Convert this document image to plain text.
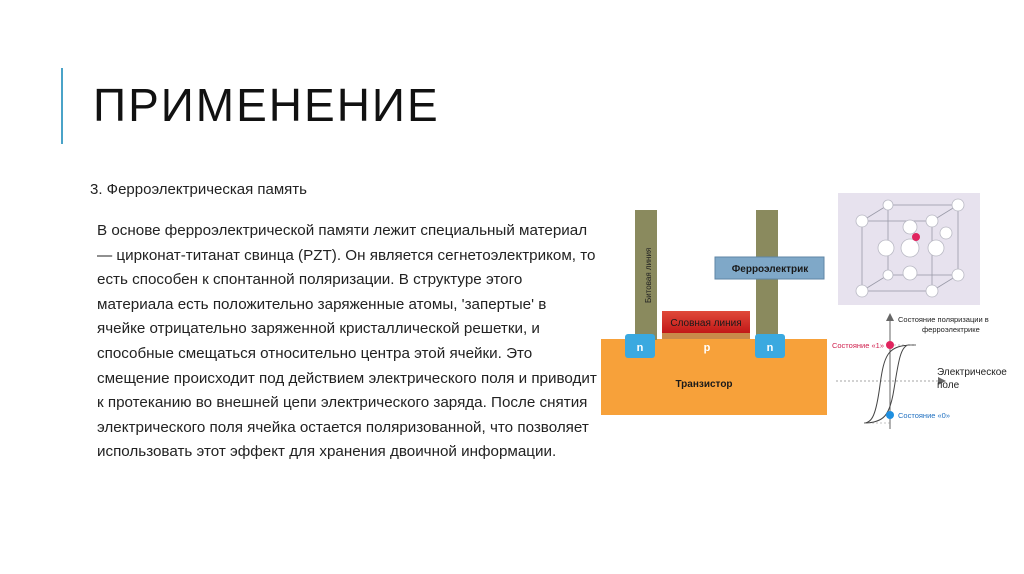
ПРИМЕНЕНИЕ
3. Ферроэлектрическая память
В основе ферроэлектрической памяти лежит специальный материал — цирконат-титанат свинца (PZT). Он является сегнетоэлектриком, то есть способен к спонтанной поляризации. В структуре этого материала есть положительно заряженные атомы, 'запертые' в ячейке отрицательно заряженной кристаллической решетки, и способные смещаться относительно центра этой ячейки. Это смещение происходит под действием электрического поля и приводит к протеканию во внешней цепи электрического заряда. После снятия электрического поля ячейка остается поляризованной, что позволяет использовать этот эффект для хранения двоичной информации.
Битовая линия	Ферроэлектрик
Словная линия
n	p	n
Транзистор
Состояние поляризации в
ферроэлектрике
Состояние «1»
Электрическое
поле
Состояние «0»
